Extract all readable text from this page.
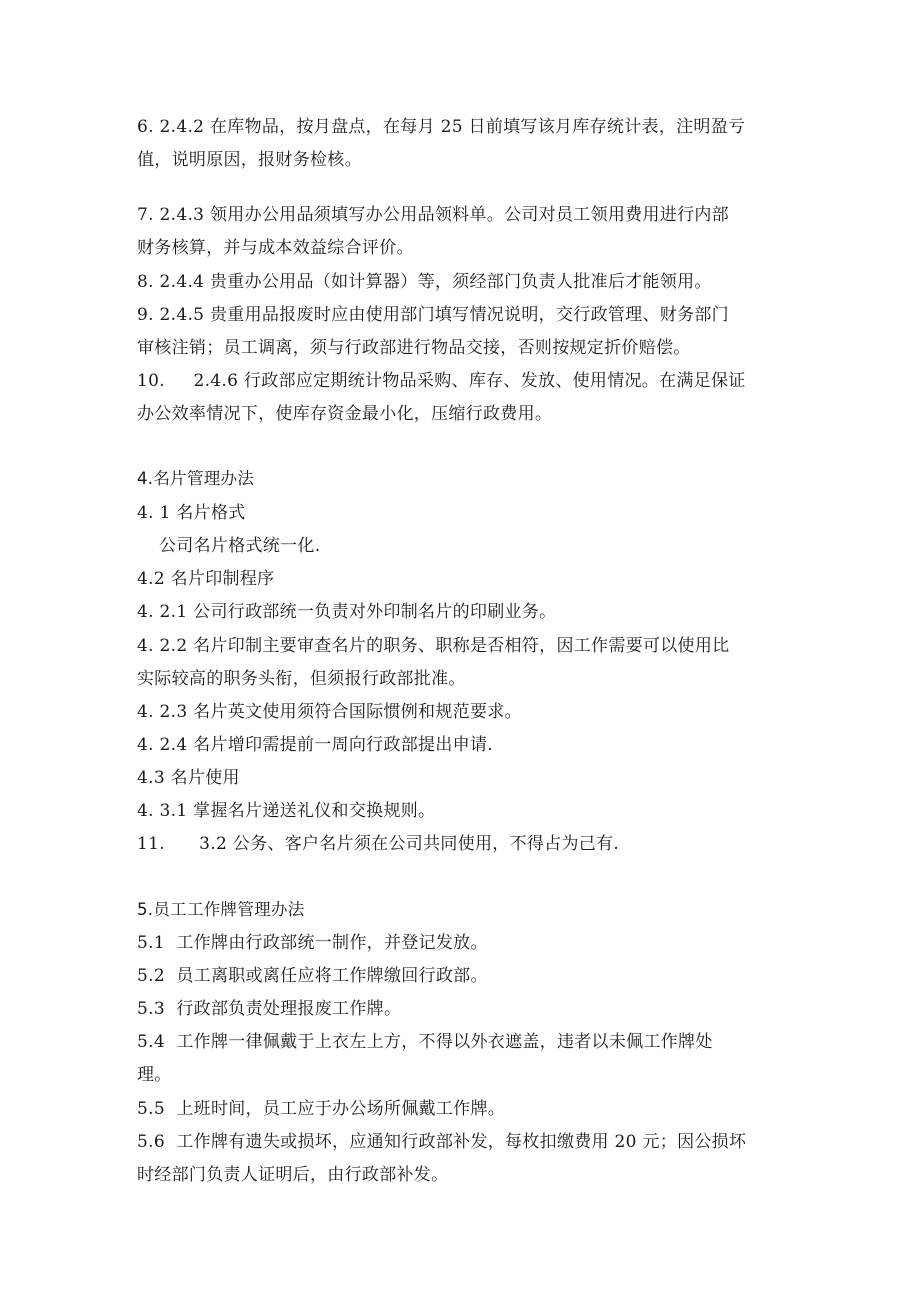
6. 2.4.2 在库物品，按月盘点，在每月 25 日前填写该月库存统计表，注明盈亏
值，说明原因，报财务检核。
7. 2.4.3 领用办公用品须填写办公用品领料单。公司对员工领用费用进行内部
财务核算，并与成本效益综合评价。
8. 2.4.4 贵重办公用品（如计算器）等，须经部门负责人批准后才能领用。
9. 2.4.5 贵重用品报废时应由使用部门填写情况说明，交行政管理、财务部门
审核注销；员工调离，须与行政部进行物品交接，否则按规定折价赔偿。
10.     2.4.6 行政部应定期统计物品采购、库存、发放、使用情况。在满足保证
办公效率情况下，使库存资金最小化，压缩行政费用。
4.名片管理办法
4. 1 名片格式
公司名片格式统一化.
4.2 名片印制程序
4. 2.1 公司行政部统一负责对外印制名片的印刷业务。
4. 2.2 名片印制主要审查名片的职务、职称是否相符，因工作需要可以使用比
实际较高的职务头衔，但须报行政部批准。
4. 2.3 名片英文使用须符合国际惯例和规范要求。
4. 2.4 名片增印需提前一周向行政部提出申请.
4.3 名片使用
4. 3.1 掌握名片递送礼仪和交换规则。
11.      3.2 公务、客户名片须在公司共同使用，不得占为己有.
5.员工工作牌管理办法
5.1  工作牌由行政部统一制作，并登记发放。
5.2  员工离职或离任应将工作牌缴回行政部。
5.3  行政部负责处理报废工作牌。
5.4  工作牌一律佩戴于上衣左上方，不得以外衣遮盖，违者以未佩工作牌处
理。
5.5  上班时间，员工应于办公场所佩戴工作牌。
5.6  工作牌有遗失或损坏，应通知行政部补发，每枚扣缴费用 20 元；因公损坏
时经部门负责人证明后，由行政部补发。
